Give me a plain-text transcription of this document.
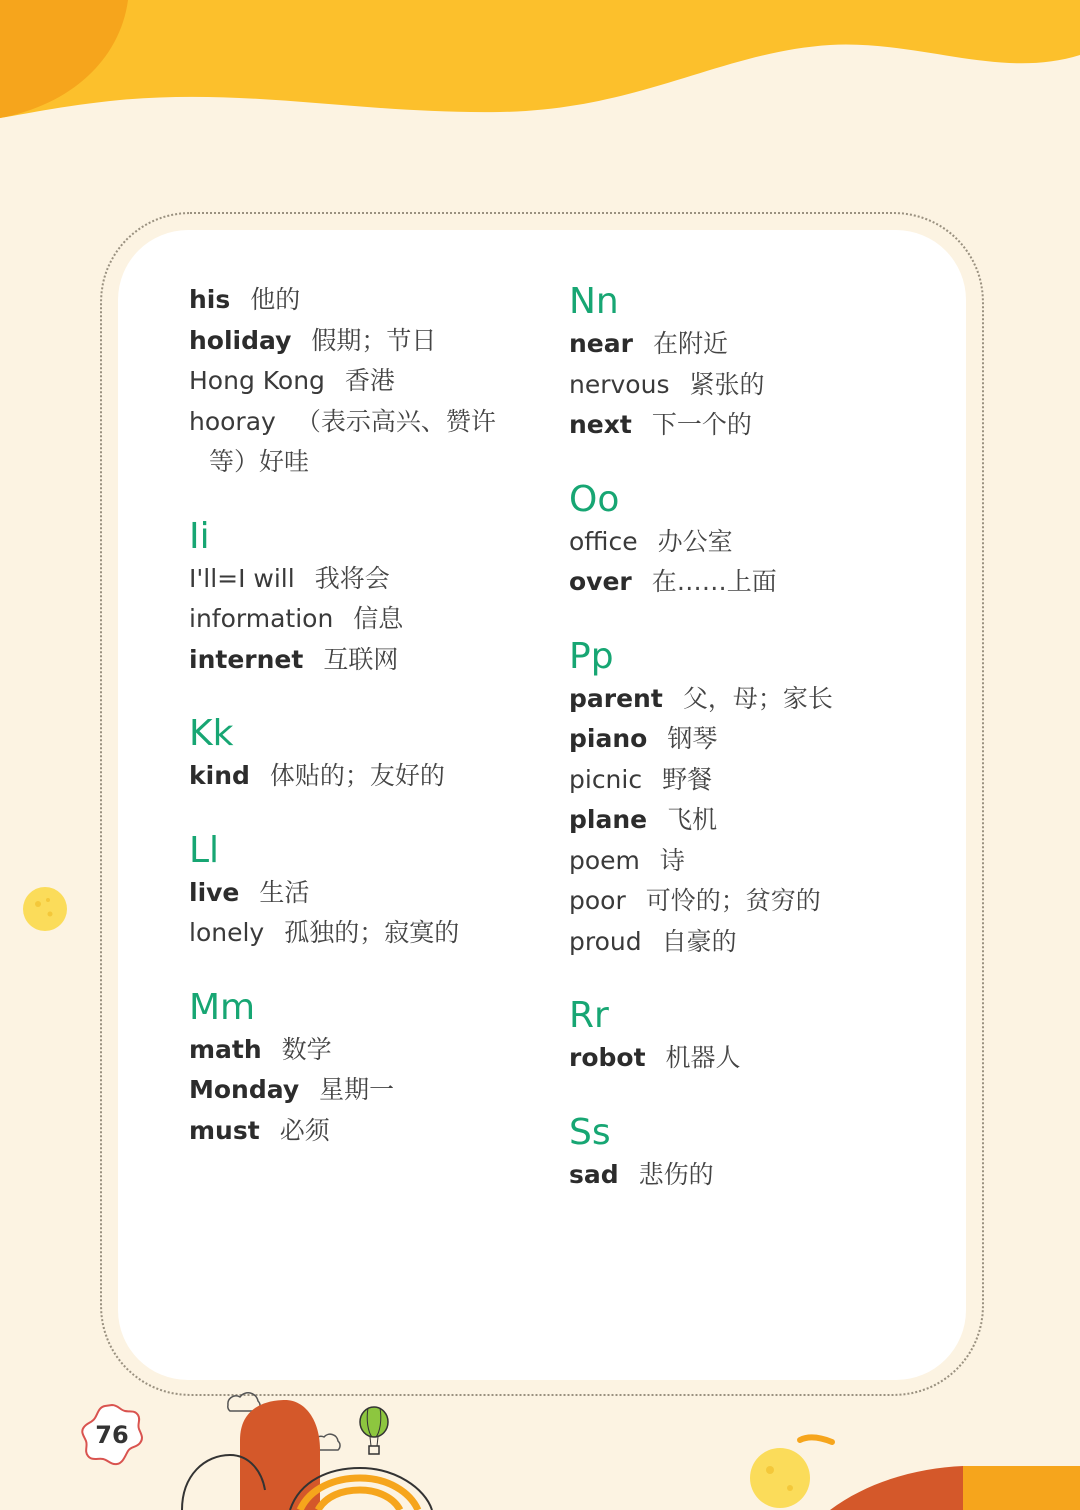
his 他的
holiday 假期；节日
Hong Kong 香港
hooray （表示高兴、赞许等）好哇
Ii
I'll=I will 我将会
information 信息
internet 互联网
Kk
kind 体贴的；友好的
Ll
live 生活
lonely 孤独的；寂寞的
Mm
math 数学
Monday 星期一
must 必须
Nn
near 在附近
nervous 紧张的
next 下一个的
Oo
office 办公室
over 在……上面
Pp
parent 父，母；家长
piano 钢琴
picnic 野餐
plane 飞机
poem 诗
poor 可怜的；贫穷的
proud 自豪的
Rr
robot 机器人
Ss
sad 悲伤的
76
